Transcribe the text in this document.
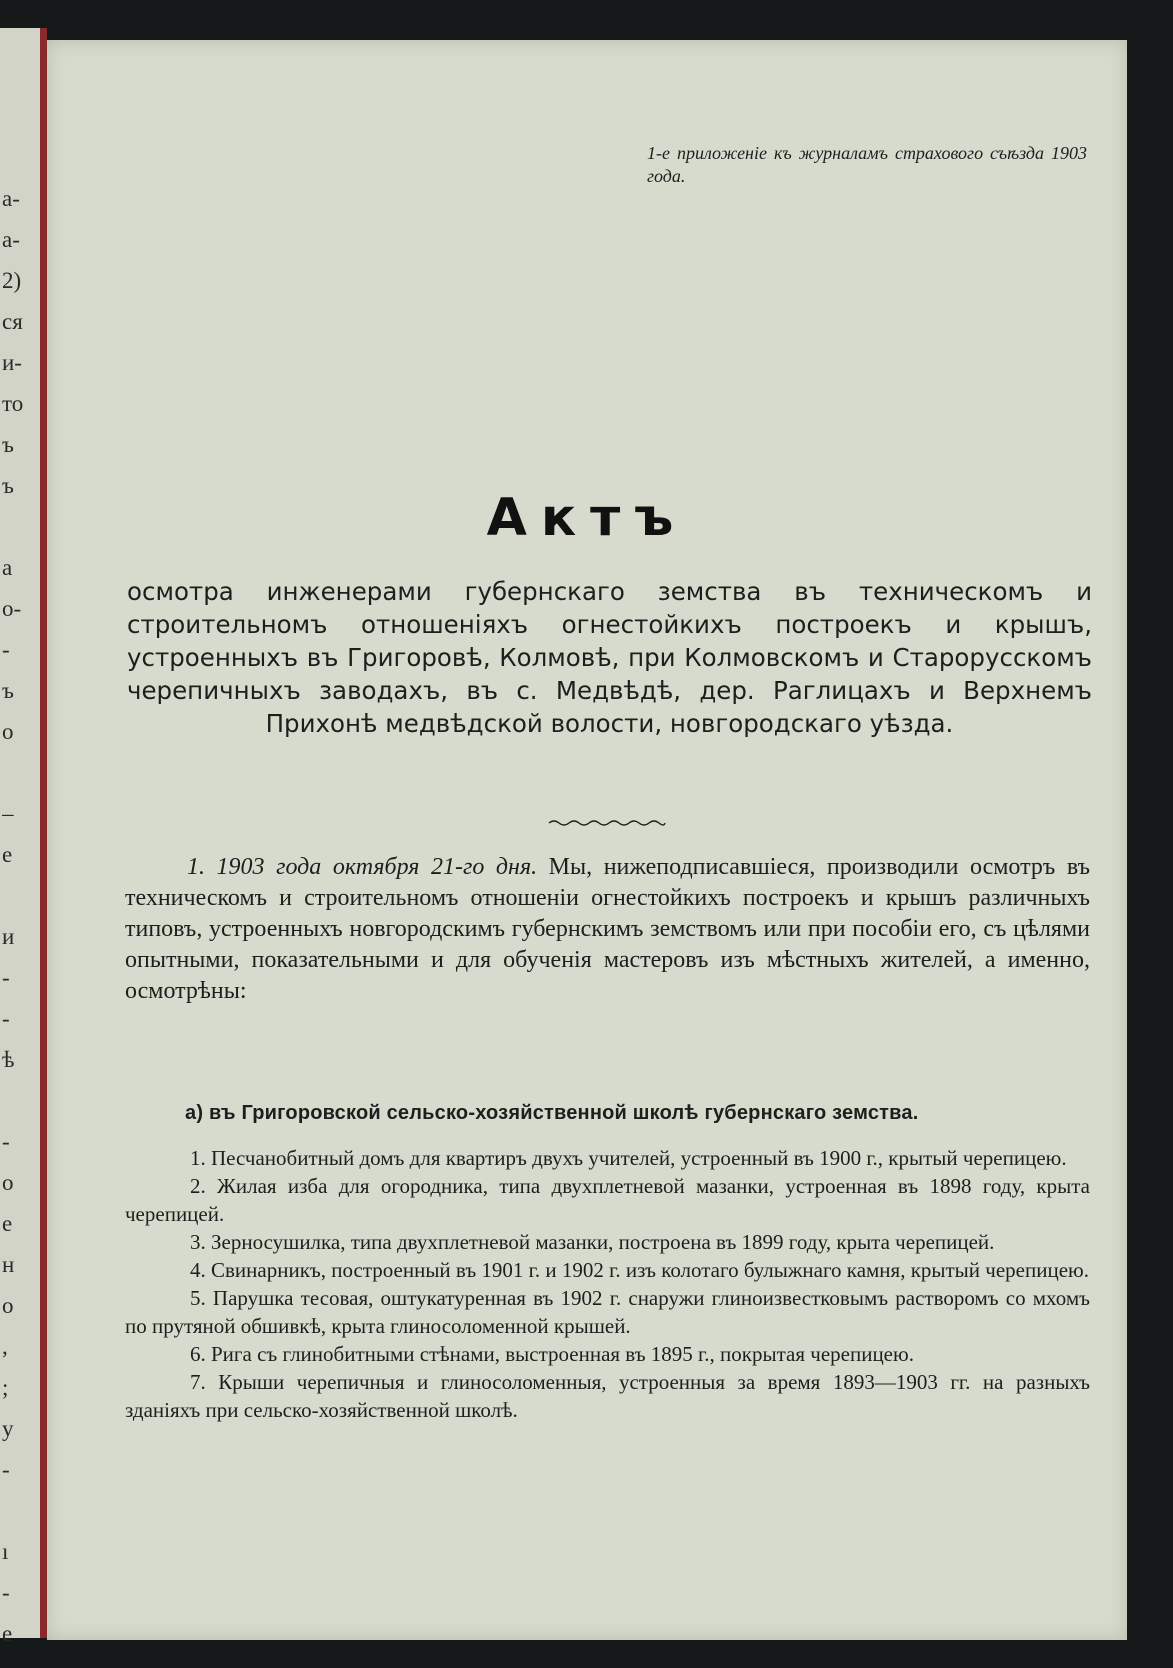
а-
а-
2)
ся
и-
то
ъ
ъ

а
о-
-
ъ
о

–
е

и
-
-
ѣ

-
о
е
н
о
,
;
у
-

ı
-
е
1-е приложенiе къ журналамъ страхового съѣзда 1903 года.
Актъ
осмотра инженерами губернскаго земства въ техническомъ и строительномъ отношенiяхъ огнестойкихъ построекъ и крышъ, устроенныхъ въ Григоровѣ, Колмовѣ, при Колмовскомъ и Старорусскомъ черепичныхъ заводахъ, въ с. Медвѣдѣ, дер. Раглицахъ и Верхнемъ Прихонѣ медвѣдской волости, новгородскаго уѣзда.
1. 1903 года октября 21-го дня. Мы, нижеподписавшiеся, производили осмотръ въ техническомъ и строительномъ отношенiи огнестойкихъ построекъ и крышъ различныхъ типовъ, устроенныхъ новгородскимъ губернскимъ земствомъ или при пособiи его, съ цѣлями опытными, показательными и для обученiя мастеровъ изъ мѣстныхъ жителей, а именно, осмотрѣны:
а) въ Григоровской сельско-хозяйственной школѣ губернскаго земства.

1. Песчанобитный домъ для квартиръ двухъ учителей, устроенный въ 1900 г., крытый черепицею.

2. Жилая изба для огородника, типа двухплетневой мазанки, устроенная въ 1898 году, крыта черепицей.

3. Зерносушилка, типа двухплетневой мазанки, построена въ 1899 году, крыта черепицей.

4. Свинарникъ, построенный въ 1901 г. и 1902 г. изъ колотаго булыжнаго камня, крытый черепицею.

5. Парушка тесовая, оштукатуренная въ 1902 г. снаружи глиноизвестковымъ растворомъ со мхомъ по прутяной обшивкѣ, крыта глиносоломенной крышей.

6. Рига съ глинобитными стѣнами, выстроенная въ 1895 г., покрытая черепицею.

7. Крыши черепичныя и глиносоломенныя, устроенныя за время 1893—1903 гг. на разныхъ зданiяхъ при сельско-хозяйственной школѣ.
